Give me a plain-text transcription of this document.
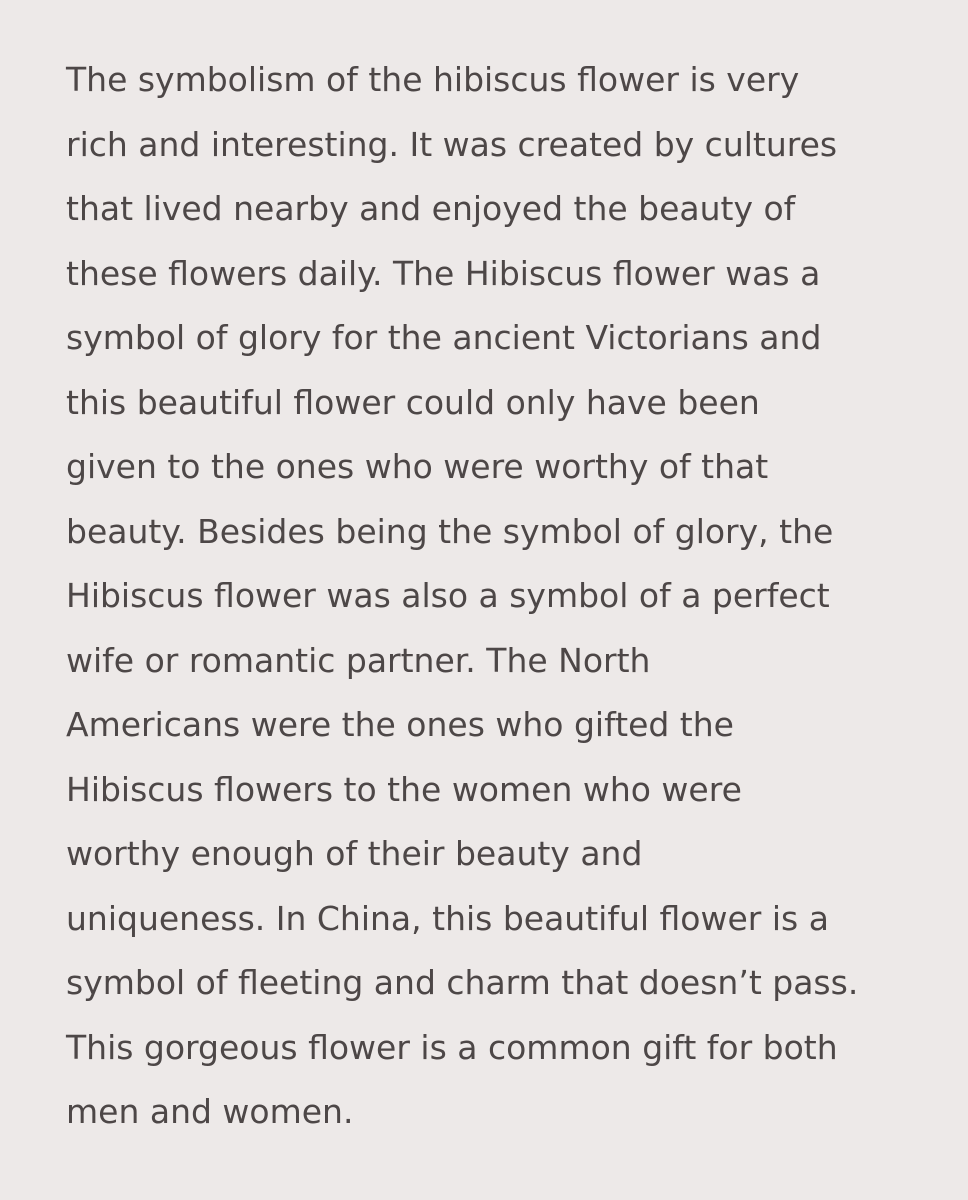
The symbolism of the hibiscus flower is very
rich and interesting. It was created by cultures
that lived nearby and enjoyed the beauty of
these flowers daily. The Hibiscus flower was a
symbol of glory for the ancient Victorians and
this beautiful flower could only have been
given to the ones who were worthy of that
beauty. Besides being the symbol of glory, the
Hibiscus flower was also a symbol of a perfect
wife or romantic partner. The North
Americans were the ones who gifted the
Hibiscus flowers to the women who were
worthy enough of their beauty and
uniqueness. In China, this beautiful flower is a
symbol of fleeting and charm that doesn’t pass.
This gorgeous flower is a common gift for both
men and women.
